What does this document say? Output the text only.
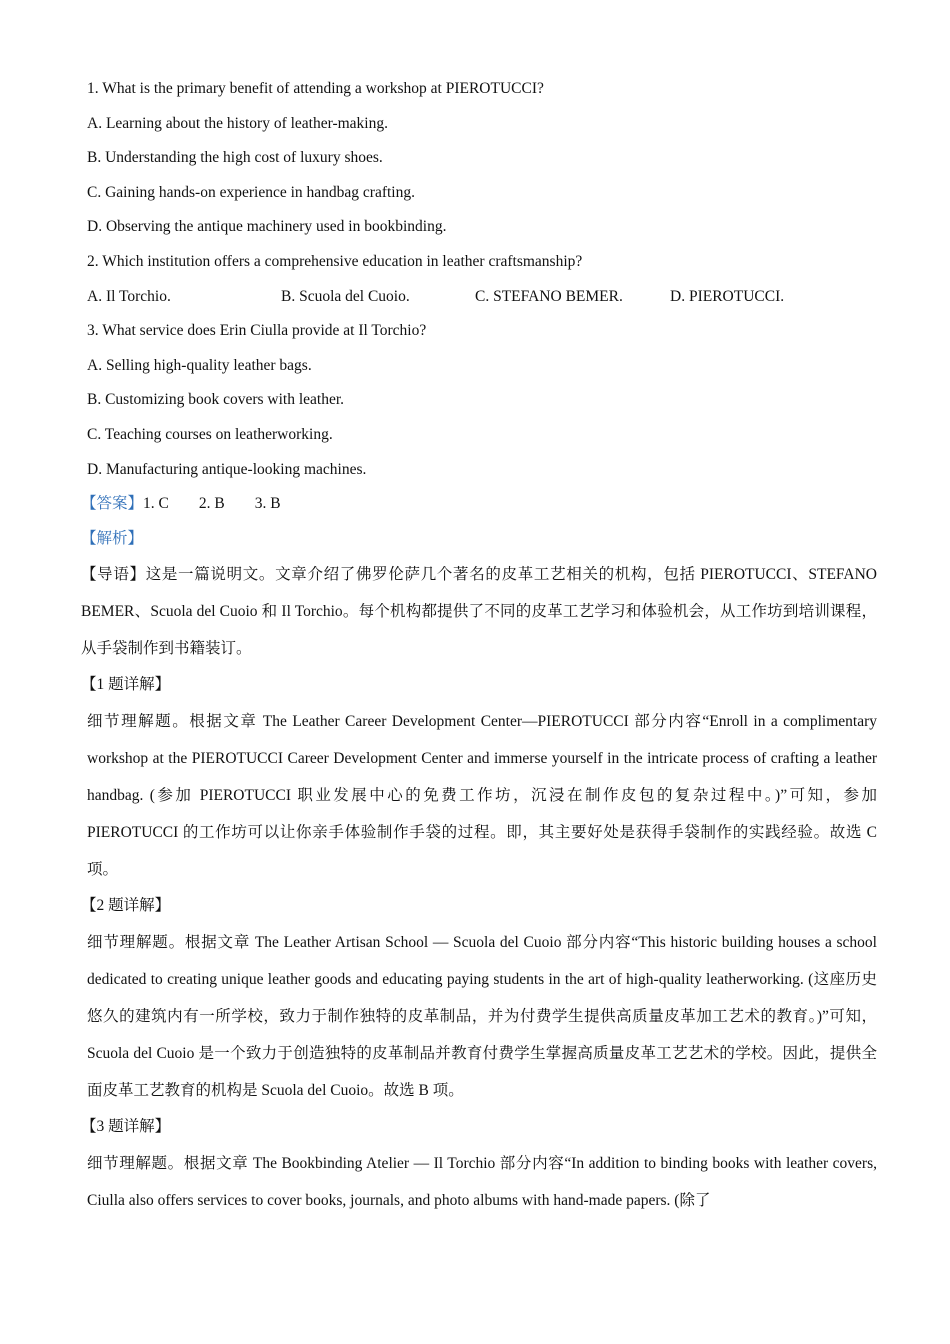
1. What is the primary benefit of attending a workshop at PIEROTUCCI?
A. Learning about the history of leather-making.
B. Understanding the high cost of luxury shoes.
C. Gaining hands-on experience in handbag crafting.
D. Observing the antique machinery used in bookbinding.
2. Which institution offers a comprehensive education in leather craftsmanship?
A. Il Torchio.	B. Scuola del Cuoio.	C. STEFANO BEMER.	D. PIEROTUCCI.
3. What service does Erin Ciulla provide at Il Torchio?
A. Selling high-quality leather bags.
B. Customizing book covers with leather.
C. Teaching courses on leatherworking.
D. Manufacturing antique-looking machines.
【答案】1. C 2. B 3. B
【解析】
【导语】这是一篇说明文。文章介绍了佛罗伦萨几个著名的皮革工艺相关的机构，包括 PIEROTUCCI、STEFANO BEMER、Scuola del Cuoio 和 Il Torchio。每个机构都提供了不同的皮革工艺学习和体验机会，从工作坊到培训课程，从手袋制作到书籍装订。
【1 题详解】
细节理解题。根据文章 The Leather Career Development Center—PIEROTUCCI 部分内容“Enroll in a complimentary workshop at the PIEROTUCCI Career Development Center and immerse yourself in the intricate process of crafting a leather handbag. (参加 PIEROTUCCI 职业发展中心的免费工作坊，沉浸在制作皮包的复杂过程中。)”可知，参加 PIEROTUCCI 的工作坊可以让你亲手体验制作手袋的过程。即，其主要好处是获得手袋制作的实践经验。故选 C 项。
【2 题详解】
细节理解题。根据文章 The Leather Artisan School — Scuola del Cuoio 部分内容“This historic building houses a school dedicated to creating unique leather goods and educating paying students in the art of high-quality leatherworking. (这座历史悠久的建筑内有一所学校，致力于制作独特的皮革制品，并为付费学生提供高质量皮革加工艺术的教育。)”可知，Scuola del Cuoio 是一个致力于创造独特的皮革制品并教育付费学生掌握高质量皮革工艺艺术的学校。因此，提供全面皮革工艺教育的机构是 Scuola del Cuoio。故选 B 项。
【3 题详解】
细节理解题。根据文章 The Bookbinding Atelier — Il Torchio 部分内容“In addition to binding books with leather covers, Ciulla also offers services to cover books, journals, and photo albums with hand-made papers. (除了
